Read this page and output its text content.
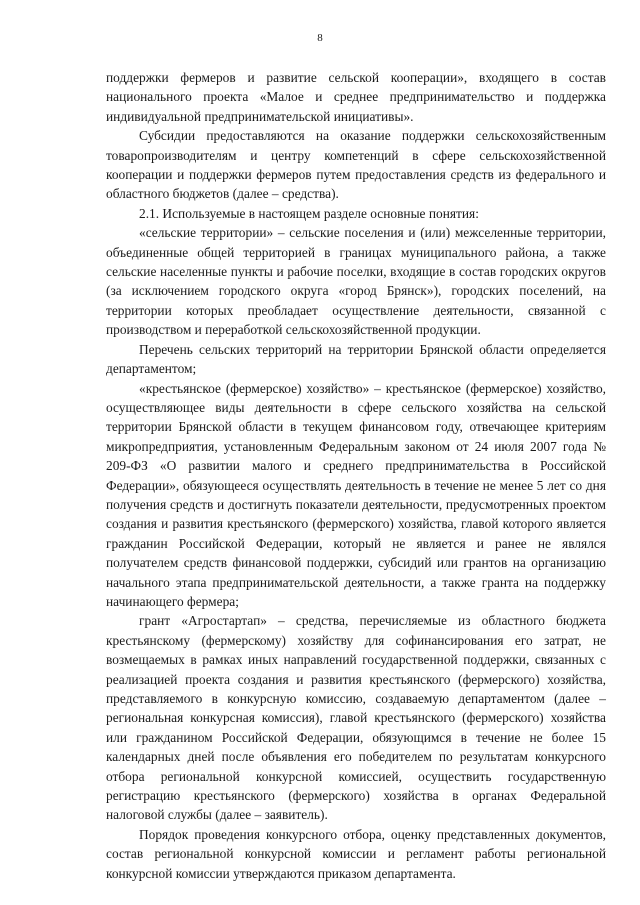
8

поддержки фермеров и развитие сельской кооперации», входящего в состав национального проекта «Малое и среднее предпринимательство и поддержка индивидуальной предпринимательской инициативы».

Субсидии предоставляются на оказание поддержки сельскохозяйственным товаропроизводителям и центру компетенций в сфере сельскохозяйственной кооперации и поддержки фермеров путем предоставления средств из федерального и областного бюджетов (далее – средства).

2.1. Используемые в настоящем разделе основные понятия:

«сельские территории» – сельские поселения и (или) межселенные территории, объединенные общей территорией в границах муниципального района, а также сельские населенные пункты и рабочие поселки, входящие в состав городских округов (за исключением городского округа «город Брянск»), городских поселений, на территории которых преобладает осуществление деятельности, связанной с производством и переработкой сельскохозяйственной продукции.

Перечень сельских территорий на территории Брянской области определяется департаментом;

«крестьянское (фермерское) хозяйство» – крестьянское (фермерское) хозяйство, осуществляющее виды деятельности в сфере сельского хозяйства на сельской территории Брянской области в текущем финансовом году, отвечающее критериям микропредприятия, установленным Федеральным законом от 24 июля 2007 года № 209-ФЗ «О развитии малого и среднего предпринимательства в Российской Федерации», обязующееся осуществлять деятельность в течение не менее 5 лет со дня получения средств и достигнуть показатели деятельности, предусмотренных проектом создания и развития крестьянского (фермерского) хозяйства, главой которого является гражданин Российской Федерации, который не является и ранее не являлся получателем средств финансовой поддержки, субсидий или грантов на организацию начального этапа предпринимательской деятельности, а также гранта на поддержку начинающего фермера;

грант «Агростартап» – средства, перечисляемые из областного бюджета крестьянскому (фермерскому) хозяйству для софинансирования его затрат, не возмещаемых в рамках иных направлений государственной поддержки, связанных с реализацией проекта создания и развития крестьянского (фермерского) хозяйства, представляемого в конкурсную комиссию, создаваемую департаментом (далее – региональная конкурсная комиссия), главой крестьянского (фермерского) хозяйства или гражданином Российской Федерации, обязующимся в течение не более 15 календарных дней после объявления его победителем по результатам конкурсного отбора региональной конкурсной комиссией, осуществить государственную регистрацию крестьянского (фермерского) хозяйства в органах Федеральной налоговой службы (далее – заявитель).

Порядок проведения конкурсного отбора, оценку представленных документов, состав региональной конкурсной комиссии и регламент работы региональной конкурсной комиссии утверждаются приказом департамента.
